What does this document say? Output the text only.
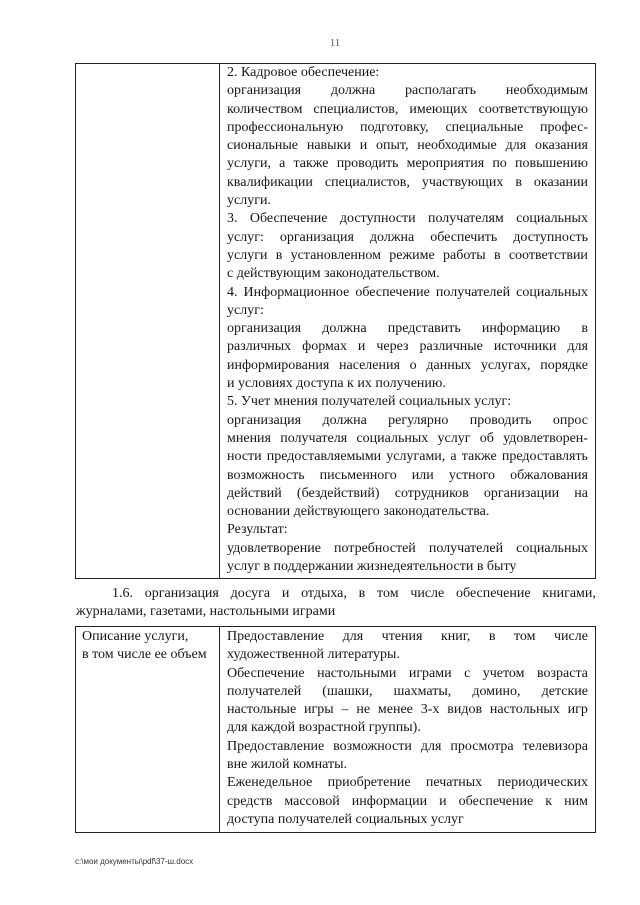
11
2. Кадровое обеспечение:
организация должна располагать необходимым
количеством специалистов, имеющих соответствующую
профессиональную подготовку, специальные профес-
сиональные навыки и опыт, необходимые для оказания
услуги, а также проводить мероприятия по повышению
квалификации специалистов, участвующих в оказании
услуги.
3. Обеспечение доступности получателям социальных
услуг: организация должна обеспечить доступность
услуги в установленном режиме работы в соответствии
с действующим законодательством.
4. Информационное обеспечение получателей социальных
услуг:
организация должна представить информацию в
различных формах и через различные источники для
информирования населения о данных услугах, порядке
и условиях доступа к их получению.
5. Учет мнения получателей социальных услуг:
организация должна регулярно проводить опрос
мнения получателя социальных услуг об удовлетворен-
ности предоставляемыми услугами, а также предоставлять
возможность письменного или устного обжалования
действий (бездействий) сотрудников организации на
основании действующего законодательства.
Результат:
удовлетворение потребностей получателей социальных
услуг в поддержании жизнедеятельности в быту
1.6. организация досуга и отдыха, в том числе обеспечение книгами,
журналами, газетами, настольными играми
Описание услуги,
в том числе ее объем
Предоставление для чтения книг, в том числе
художественной литературы.
Обеспечение настольными играми с учетом возраста
получателей (шашки, шахматы, домино, детские
настольные игры – не менее 3-х видов настольных игр
для каждой возрастной группы).
Предоставление возможности для просмотра телевизора
вне жилой комнаты.
Еженедельное приобретение печатных периодических
средств массовой информации и обеспечение к ним
доступа получателей социальных услуг
c:\мои документы\pdf\37-ш.docx
